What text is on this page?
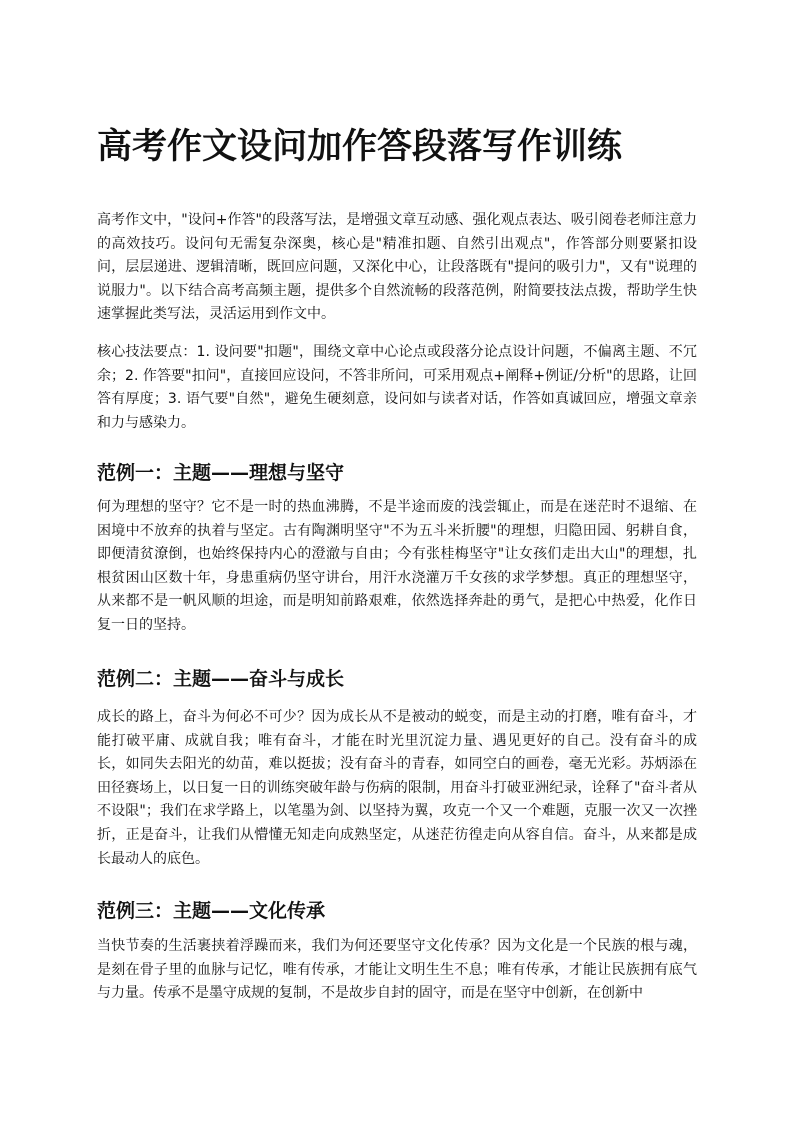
高考作文设问加作答段落写作训练

高考作文中，"设问+作答"的段落写法，是增强文章互动感、强化观点表达、吸引阅卷老师注意力的高效技巧。设问句无需复杂深奥，核心是"精准扣题、自然引出观点"，作答部分则要紧扣设问，层层递进、逻辑清晰，既回应问题，又深化中心，让段落既有"提问的吸引力"，又有"说理的说服力"。以下结合高考高频主题，提供多个自然流畅的段落范例，附简要技法点拨，帮助学生快速掌握此类写法，灵活运用到作文中。

核心技法要点：1. 设问要"扣题"，围绕文章中心论点或段落分论点设计问题，不偏离主题、不冗余；2. 作答要"扣问"，直接回应设问，不答非所问，可采用观点+阐释+例证/分析"的思路，让回答有厚度；3. 语气要"自然"，避免生硬刻意，设问如与读者对话，作答如真诚回应，增强文章亲和力与感染力。

范例一：主题——理想与坚守

何为理想的坚守？它不是一时的热血沸腾，不是半途而废的浅尝辄止，而是在迷茫时不退缩、在困境中不放弃的执着与坚定。古有陶渊明坚守"不为五斗米折腰"的理想，归隐田园、躬耕自食，即便清贫潦倒，也始终保持内心的澄澈与自由；今有张桂梅坚守"让女孩们走出大山"的理想，扎根贫困山区数十年，身患重病仍坚守讲台，用汗水浇灌万千女孩的求学梦想。真正的理想坚守，从来都不是一帆风顺的坦途，而是明知前路艰难，依然选择奔赴的勇气，是把心中热爱，化作日复一日的坚持。

范例二：主题——奋斗与成长

成长的路上，奋斗为何必不可少？因为成长从不是被动的蜕变，而是主动的打磨，唯有奋斗，才能打破平庸、成就自我；唯有奋斗，才能在时光里沉淀力量、遇见更好的自己。没有奋斗的成长，如同失去阳光的幼苗，难以挺拔；没有奋斗的青春，如同空白的画卷，毫无光彩。苏炳添在田径赛场上，以日复一日的训练突破年龄与伤病的限制，用奋斗打破亚洲纪录，诠释了"奋斗者从不设限"；我们在求学路上，以笔墨为剑、以坚持为翼，攻克一个又一个难题，克服一次又一次挫折，正是奋斗，让我们从懵懂无知走向成熟坚定，从迷茫彷徨走向从容自信。奋斗，从来都是成长最动人的底色。

范例三：主题——文化传承

当快节奏的生活裹挟着浮躁而来，我们为何还要坚守文化传承？因为文化是一个民族的根与魂，是刻在骨子里的血脉与记忆，唯有传承，才能让文明生生不息；唯有传承，才能让民族拥有底气与力量。传承不是墨守成规的复制，不是故步自封的固守，而是在坚守中创新，在创新中
